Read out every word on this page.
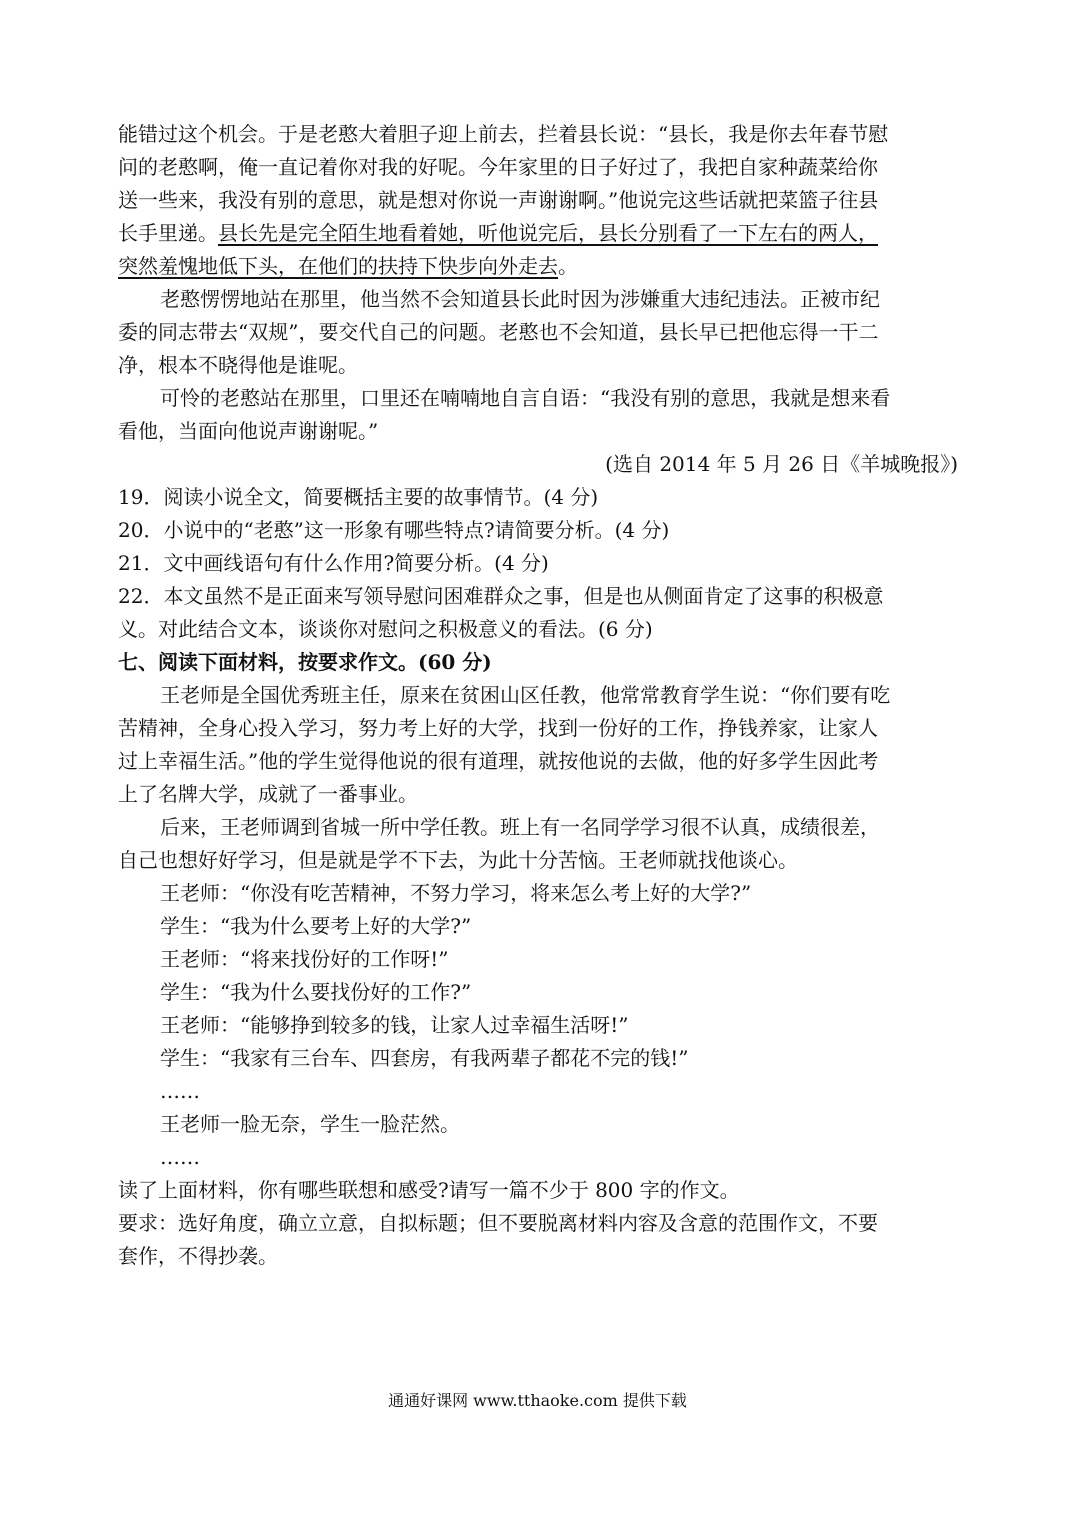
能错过这个机会。于是老憨大着胆子迎上前去，拦着县长说：“县长，我是你去年春节慰
问的老憨啊，俺一直记着你对我的好呢。今年家里的日子好过了，我把自家种蔬菜给你
送一些来，我没有别的意思，就是想对你说一声谢谢啊。”他说完这些话就把菜篮子往县
长手里递。县长先是完全陌生地看着她，听他说完后，县长分别看了一下左右的两人，
突然羞愧地低下头，在他们的扶持下快步向外走去。
老憨愣愣地站在那里，他当然不会知道县长此时因为涉嫌重大违纪违法。正被市纪
委的同志带去“双规”，要交代自己的问题。老憨也不会知道，县长早已把他忘得一干二
净，根本不晓得他是谁呢。
可怜的老憨站在那里，口里还在喃喃地自言自语：“我没有别的意思，我就是想来看
看他，当面向他说声谢谢呢。”
(选自 2014 年 5 月 26 日《羊城晚报》)
19．阅读小说全文，简要概括主要的故事情节。(4 分)
20．小说中的“老憨”这一形象有哪些特点?请简要分析。(4 分)
21．文中画线语句有什么作用?简要分析。(4 分)
22．本文虽然不是正面来写领导慰问困难群众之事，但是也从侧面肯定了这事的积极意
义。对此结合文本，谈谈你对慰问之积极意义的看法。(6 分)
七、阅读下面材料，按要求作文。(60 分)
王老师是全国优秀班主任，原来在贫困山区任教，他常常教育学生说：“你们要有吃
苦精神，全身心投入学习，努力考上好的大学，找到一份好的工作，挣钱养家，让家人
过上幸福生活。”他的学生觉得他说的很有道理，就按他说的去做，他的好多学生因此考
上了名牌大学，成就了一番事业。
后来，王老师调到省城一所中学任教。班上有一名同学学习很不认真，成绩很差，
自己也想好好学习，但是就是学不下去，为此十分苦恼。王老师就找他谈心。
王老师：“你没有吃苦精神，不努力学习，将来怎么考上好的大学?”
学生：“我为什么要考上好的大学?”
王老师：“将来找份好的工作呀!”
学生：“我为什么要找份好的工作?”
王老师：“能够挣到较多的钱，让家人过幸福生活呀!”
学生：“我家有三台车、四套房，有我两辈子都花不完的钱!”
……
王老师一脸无奈，学生一脸茫然。
……
读了上面材料，你有哪些联想和感受?请写一篇不少于 800 字的作文。
要求：选好角度，确立立意，自拟标题；但不要脱离材料内容及含意的范围作文，不要
套作，不得抄袭。
通通好课网 www.tthaoke.com 提供下载
